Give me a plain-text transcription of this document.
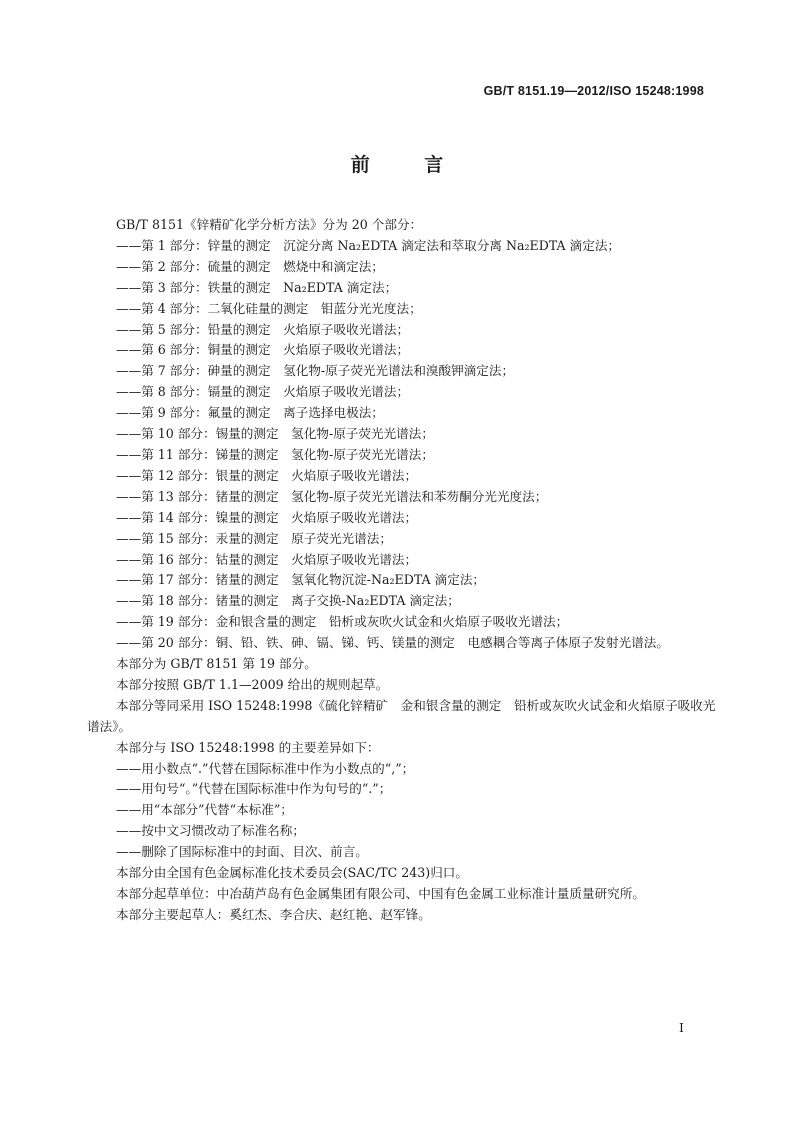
GB/T 8151.19—2012/ISO 15248:1998
前 言
GB/T 8151《锌精矿化学分析方法》分为 20 个部分：
——第 1 部分：锌量的测定　沉淀分离 Na₂EDTA 滴定法和萃取分离 Na₂EDTA 滴定法；
——第 2 部分：硫量的测定　燃烧中和滴定法；
——第 3 部分：铁量的测定　Na₂EDTA 滴定法；
——第 4 部分：二氧化硅量的测定　钼蓝分光光度法；
——第 5 部分：铅量的测定　火焰原子吸收光谱法；
——第 6 部分：铜量的测定　火焰原子吸收光谱法；
——第 7 部分：砷量的测定　氢化物-原子荧光光谱法和溴酸钾滴定法；
——第 8 部分：镉量的测定　火焰原子吸收光谱法；
——第 9 部分：氟量的测定　离子选择电极法；
——第 10 部分：锡量的测定　氢化物-原子荧光光谱法；
——第 11 部分：锑量的测定　氢化物-原子荧光光谱法；
——第 12 部分：银量的测定　火焰原子吸收光谱法；
——第 13 部分：锗量的测定　氢化物-原子荧光光谱法和苯芴酮分光光度法；
——第 14 部分：镍量的测定　火焰原子吸收光谱法；
——第 15 部分：汞量的测定　原子荧光光谱法；
——第 16 部分：钴量的测定　火焰原子吸收光谱法；
——第 17 部分：锗量的测定　氢氧化物沉淀-Na₂EDTA 滴定法；
——第 18 部分：锗量的测定　离子交换-Na₂EDTA 滴定法；
——第 19 部分：金和银含量的测定　铅析或灰吹火试金和火焰原子吸收光谱法；
——第 20 部分：铜、铅、铁、砷、镉、锑、钙、镁量的测定　电感耦合等离子体原子发射光谱法。
本部分为 GB/T 8151 第 19 部分。
本部分按照 GB/T 1.1—2009 给出的规则起草。
本部分等同采用 ISO 15248:1998《硫化锌精矿　金和银含量的测定　铅析或灰吹火试金和火焰原子吸收光谱法》。
本部分与 ISO 15248:1998 的主要差异如下：
——用小数点“.”代替在国际标准中作为小数点的“,”；
——用句号“。”代替在国际标准中作为句号的“.”；
——用“本部分”代替“本标准”；
——按中文习惯改动了标准名称；
——删除了国际标准中的封面、目次、前言。
本部分由全国有色金属标准化技术委员会(SAC/TC 243)归口。
本部分起草单位：中冶葫芦岛有色金属集团有限公司、中国有色金属工业标准计量质量研究所。
本部分主要起草人：奚红杰、李合庆、赵红艳、赵军锋。
I
